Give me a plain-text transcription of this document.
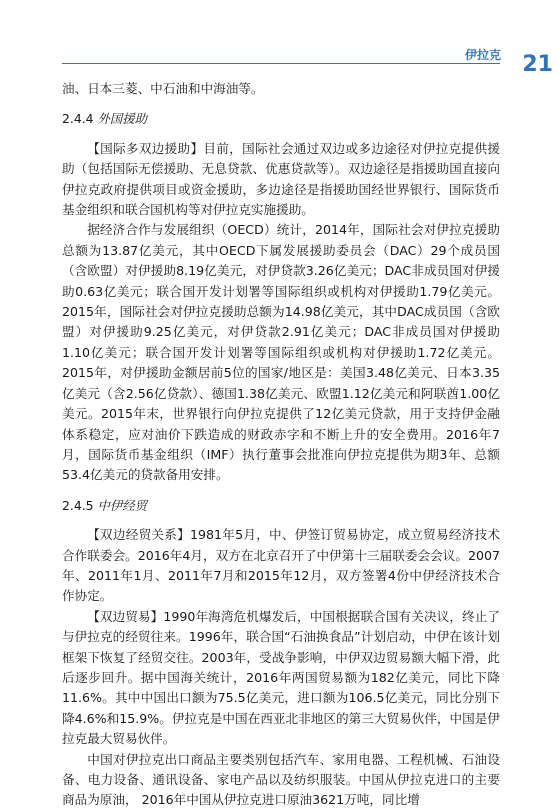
伊拉克 21

油、日本三菱、中石油和中海油等。

2.4.4 外国援助

【国际多双边援助】目前，国际社会通过双边或多边途径对伊拉克提供援助（包括国际无偿援助、无息贷款、优惠贷款等）。双边途径是指援助国直接向伊拉克政府提供项目或资金援助，多边途径是指援助国经世界银行、国际货币基金组织和联合国机构等对伊拉克实施援助。

据经济合作与发展组织（OECD）统计，2014年，国际社会对伊拉克援助总额为13.87亿美元，其中OECD下属发展援助委员会（DAC）29个成员国（含欧盟）对伊援助8.19亿美元，对伊贷款3.26亿美元；DAC非成员国对伊援助0.63亿美元；联合国开发计划署等国际组织或机构对伊援助1.79亿美元。2015年，国际社会对伊拉克援助总额为14.98亿美元，其中DAC成员国（含欧盟）对伊援助9.25亿美元，对伊贷款2.91亿美元；DAC非成员国对伊援助1.10亿美元；联合国开发计划署等国际组织或机构对伊援助1.72亿美元。2015年，对伊援助金额居前5位的国家/地区是：美国3.48亿美元、日本3.35亿美元（含2.56亿贷款）、德国1.38亿美元、欧盟1.12亿美元和阿联酋1.00亿美元。2015年末，世界银行向伊拉克提供了12亿美元贷款，用于支持伊金融体系稳定，应对油价下跌造成的财政赤字和不断上升的安全费用。2016年7月，国际货币基金组织（IMF）执行董事会批准向伊拉克提供为期3年、总额53.4亿美元的贷款备用安排。

2.4.5 中伊经贸

【双边经贸关系】1981年5月，中、伊签订贸易协定，成立贸易经济技术合作联委会。2016年4月，双方在北京召开了中伊第十三届联委会会议。2007年、2011年1月、2011年7月和2015年12月，双方签署4份中伊经济技术合作协定。

【双边贸易】1990年海湾危机爆发后，中国根据联合国有关决议，终止了与伊拉克的经贸往来。1996年，联合国“石油换食品”计划启动，中伊在该计划框架下恢复了经贸交往。2003年，受战争影响，中伊双边贸易额大幅下滑，此后逐步回升。据中国海关统计，2016年两国贸易额为182亿美元，同比下降11.6%。其中中国出口额为75.5亿美元，进口额为106.5亿美元，同比分别下降4.6%和15.9%。伊拉克是中国在西亚北非地区的第三大贸易伙伴，中国是伊拉克最大贸易伙伴。

中国对伊拉克出口商品主要类别包括汽车、家用电器、工程机械、石油设备、电力设备、通讯设备、家电产品以及纺织服装。中国从伊拉克进口的主要商品为原油， 2016年中国从伊拉克进口原油3621万吨，同比增
